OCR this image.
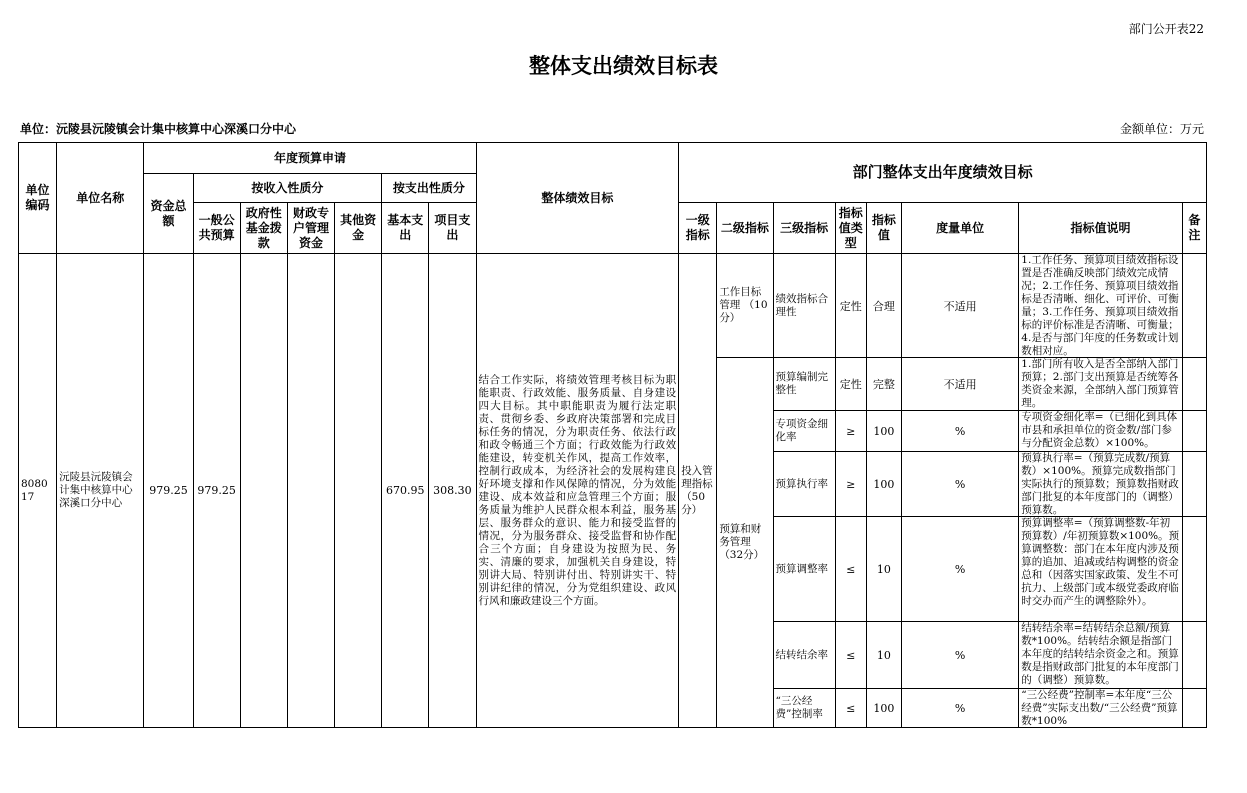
部门公开表22
整体支出绩效目标表
单位：沅陵县沅陵镇会计集中核算中心深溪口分中心	金额单位：万元
单位编码	单位名称	年度预算申请							整体绩效目标	部门整体支出年度绩效目标							
		资金总额	按收入性质分				按支出性质分										
			一般公共预算	政府性基金拨款	财政专户管理资金	其他资金	基本支出	项目支出		一级指标	二级指标	三级指标	指标值类型	指标值	度量单位	指标值说明	备注
808017	沅陵县沅陵镇会计集中核算中心深溪口分中心	979.25	979.25				670.95	308.30	结合工作实际，将绩效管理考核目标为职能职责、行政效能、服务质量、自身建设四大目标。其中职能职责为履行法定职责、贯彻乡委、乡政府决策部署和完成目标任务的情况，分为职责任务、依法行政和政令畅通三个方面；行政效能为行政效能建设，转变机关作风，提高工作效率，控制行政成本，为经济社会的发展构建良好环境支撑和作风保障的情况，分为效能建设、成本效益和应急管理三个方面；服务质量为维护人民群众根本利益，服务基层、服务群众的意识、能力和接受监督的情况，分为服务群众、接受监督和协作配合三个方面；自身建设为按照为民、务实、清廉的要求，加强机关自身建设，特别讲大局、特别讲付出、特别讲实干、特别讲纪律的情况，分为党组织建设、政风行风和廉政建设三个方面。	投入管理指标（50分）	工作目标管理 （10分）	绩效指标合理性	定性	合理	不适用	1.工作任务、预算项目绩效指标设置是否准确反映部门绩效完成情况；2.工作任务、预算项目绩效指标是否清晰、细化、可评价、可衡量；3.工作任务、预算项目绩效指标的评价标准是否清晰、可衡量；4.是否与部门年度的任务数或计划数相对应。	

											预算和财务管理（32分）	预算编制完整性	定性	完整	不适用	1.部门所有收入是否全部纳入部门预算；2.部门支出预算是否统筹各类资金来源，全部纳入部门预算管理。	

												专项资金细化率	≥	100	%	专项资金细化率=（已细化到具体市县和承担单位的资金数/部门参与分配资金总数）×100%。	

												预算执行率	≥	100	%	预算执行率=（预算完成数/预算数）×100%。预算完成数指部门实际执行的预算数；预算数指财政部门批复的本年度部门的（调整）预算数。	

												预算调整率	≤	10	%	预算调整率=（预算调整数-年初预算数）/年初预算数×100%。预算调整数：部门在本年度内涉及预算的追加、追减或结构调整的资金总和（因落实国家政策、发生不可抗力、上级部门或本级党委政府临时交办而产生的调整除外）。	

												结转结余率	≤	10	%	结转结余率=结转结余总额/预算数*100%。结转结余额是指部门本年度的结转结余资金之和。预算数是指财政部门批复的本年度部门的（调整）预算数。	

												“三公经费”控制率	≤	100	%	“三公经费”控制率=本年度“三公经费”实际支出数/“三公经费”预算数*100%	
